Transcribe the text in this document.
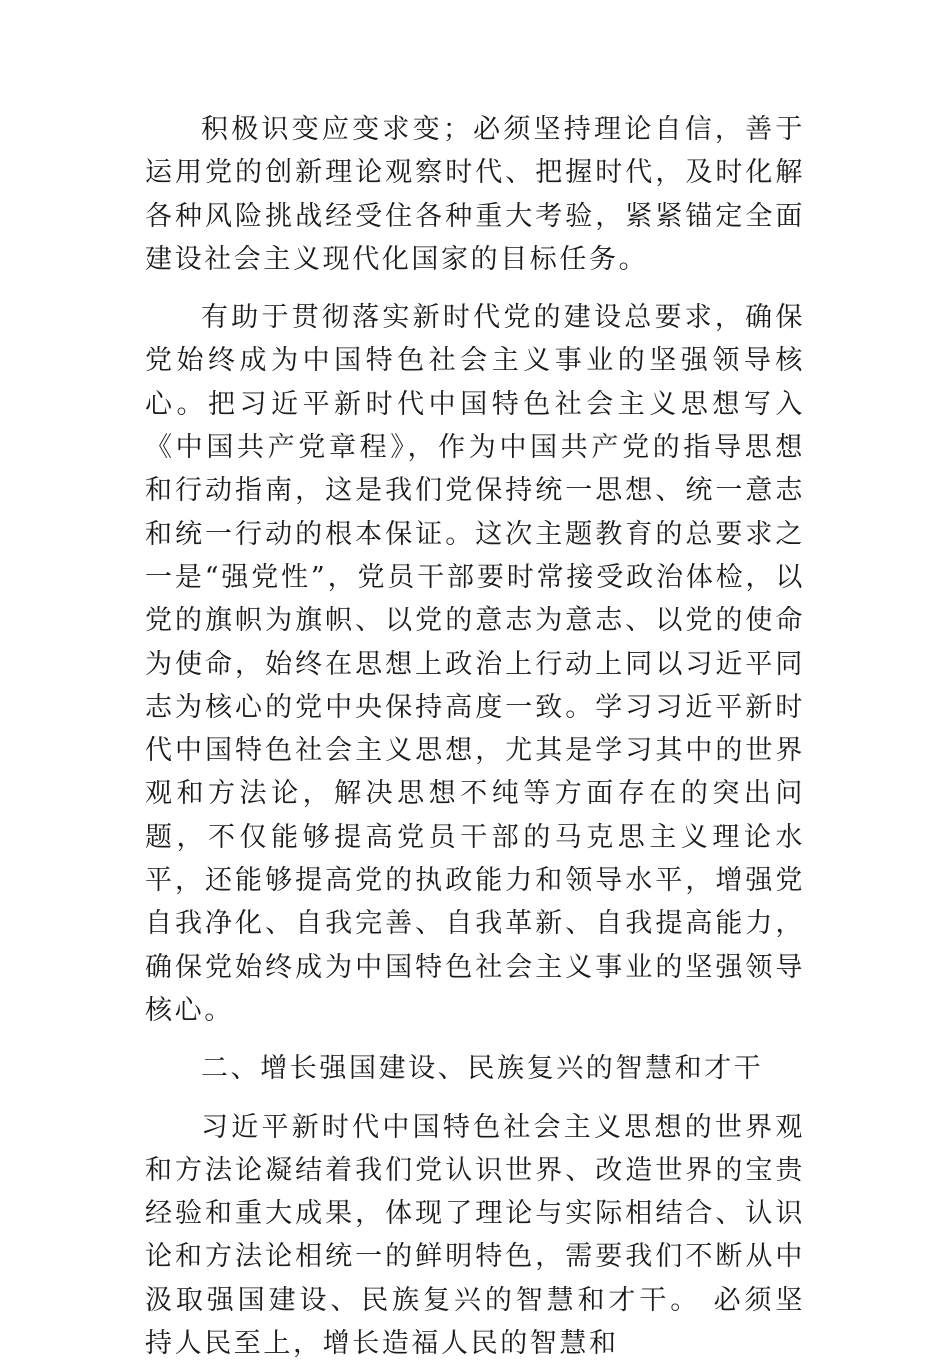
积极识变应变求变；必须坚持理论自信，善于运用党的创新理论观察时代、把握时代，及时化解各种风险挑战经受住各种重大考验，紧紧锚定全面建设社会主义现代化国家的目标任务。

有助于贯彻落实新时代党的建设总要求，确保党始终成为中国特色社会主义事业的坚强领导核心。把习近平新时代中国特色社会主义思想写入《中国共产党章程》，作为中国共产党的指导思想和行动指南，这是我们党保持统一思想、统一意志和统一行动的根本保证。这次主题教育的总要求之一是“强党性”，党员干部要时常接受政治体检，以党的旗帜为旗帜、以党的意志为意志、以党的使命为使命，始终在思想上政治上行动上同以习近平同志为核心的党中央保持高度一致。学习习近平新时代中国特色社会主义思想，尤其是学习其中的世界观和方法论，解决思想不纯等方面存在的突出问题，不仅能够提高党员干部的马克思主义理论水平，还能够提高党的执政能力和领导水平，增强党自我净化、自我完善、自我革新、自我提高能力，确保党始终成为中国特色社会主义事业的坚强领导核心。

二、增长强国建设、民族复兴的智慧和才干

习近平新时代中国特色社会主义思想的世界观和方法论凝结着我们党认识世界、改造世界的宝贵经验和重大成果，体现了理论与实际相结合、认识论和方法论相统一的鲜明特色，需要我们不断从中汲取强国建设、民族复兴的智慧和才干。 必须坚持人民至上，增长造福人民的智慧和
